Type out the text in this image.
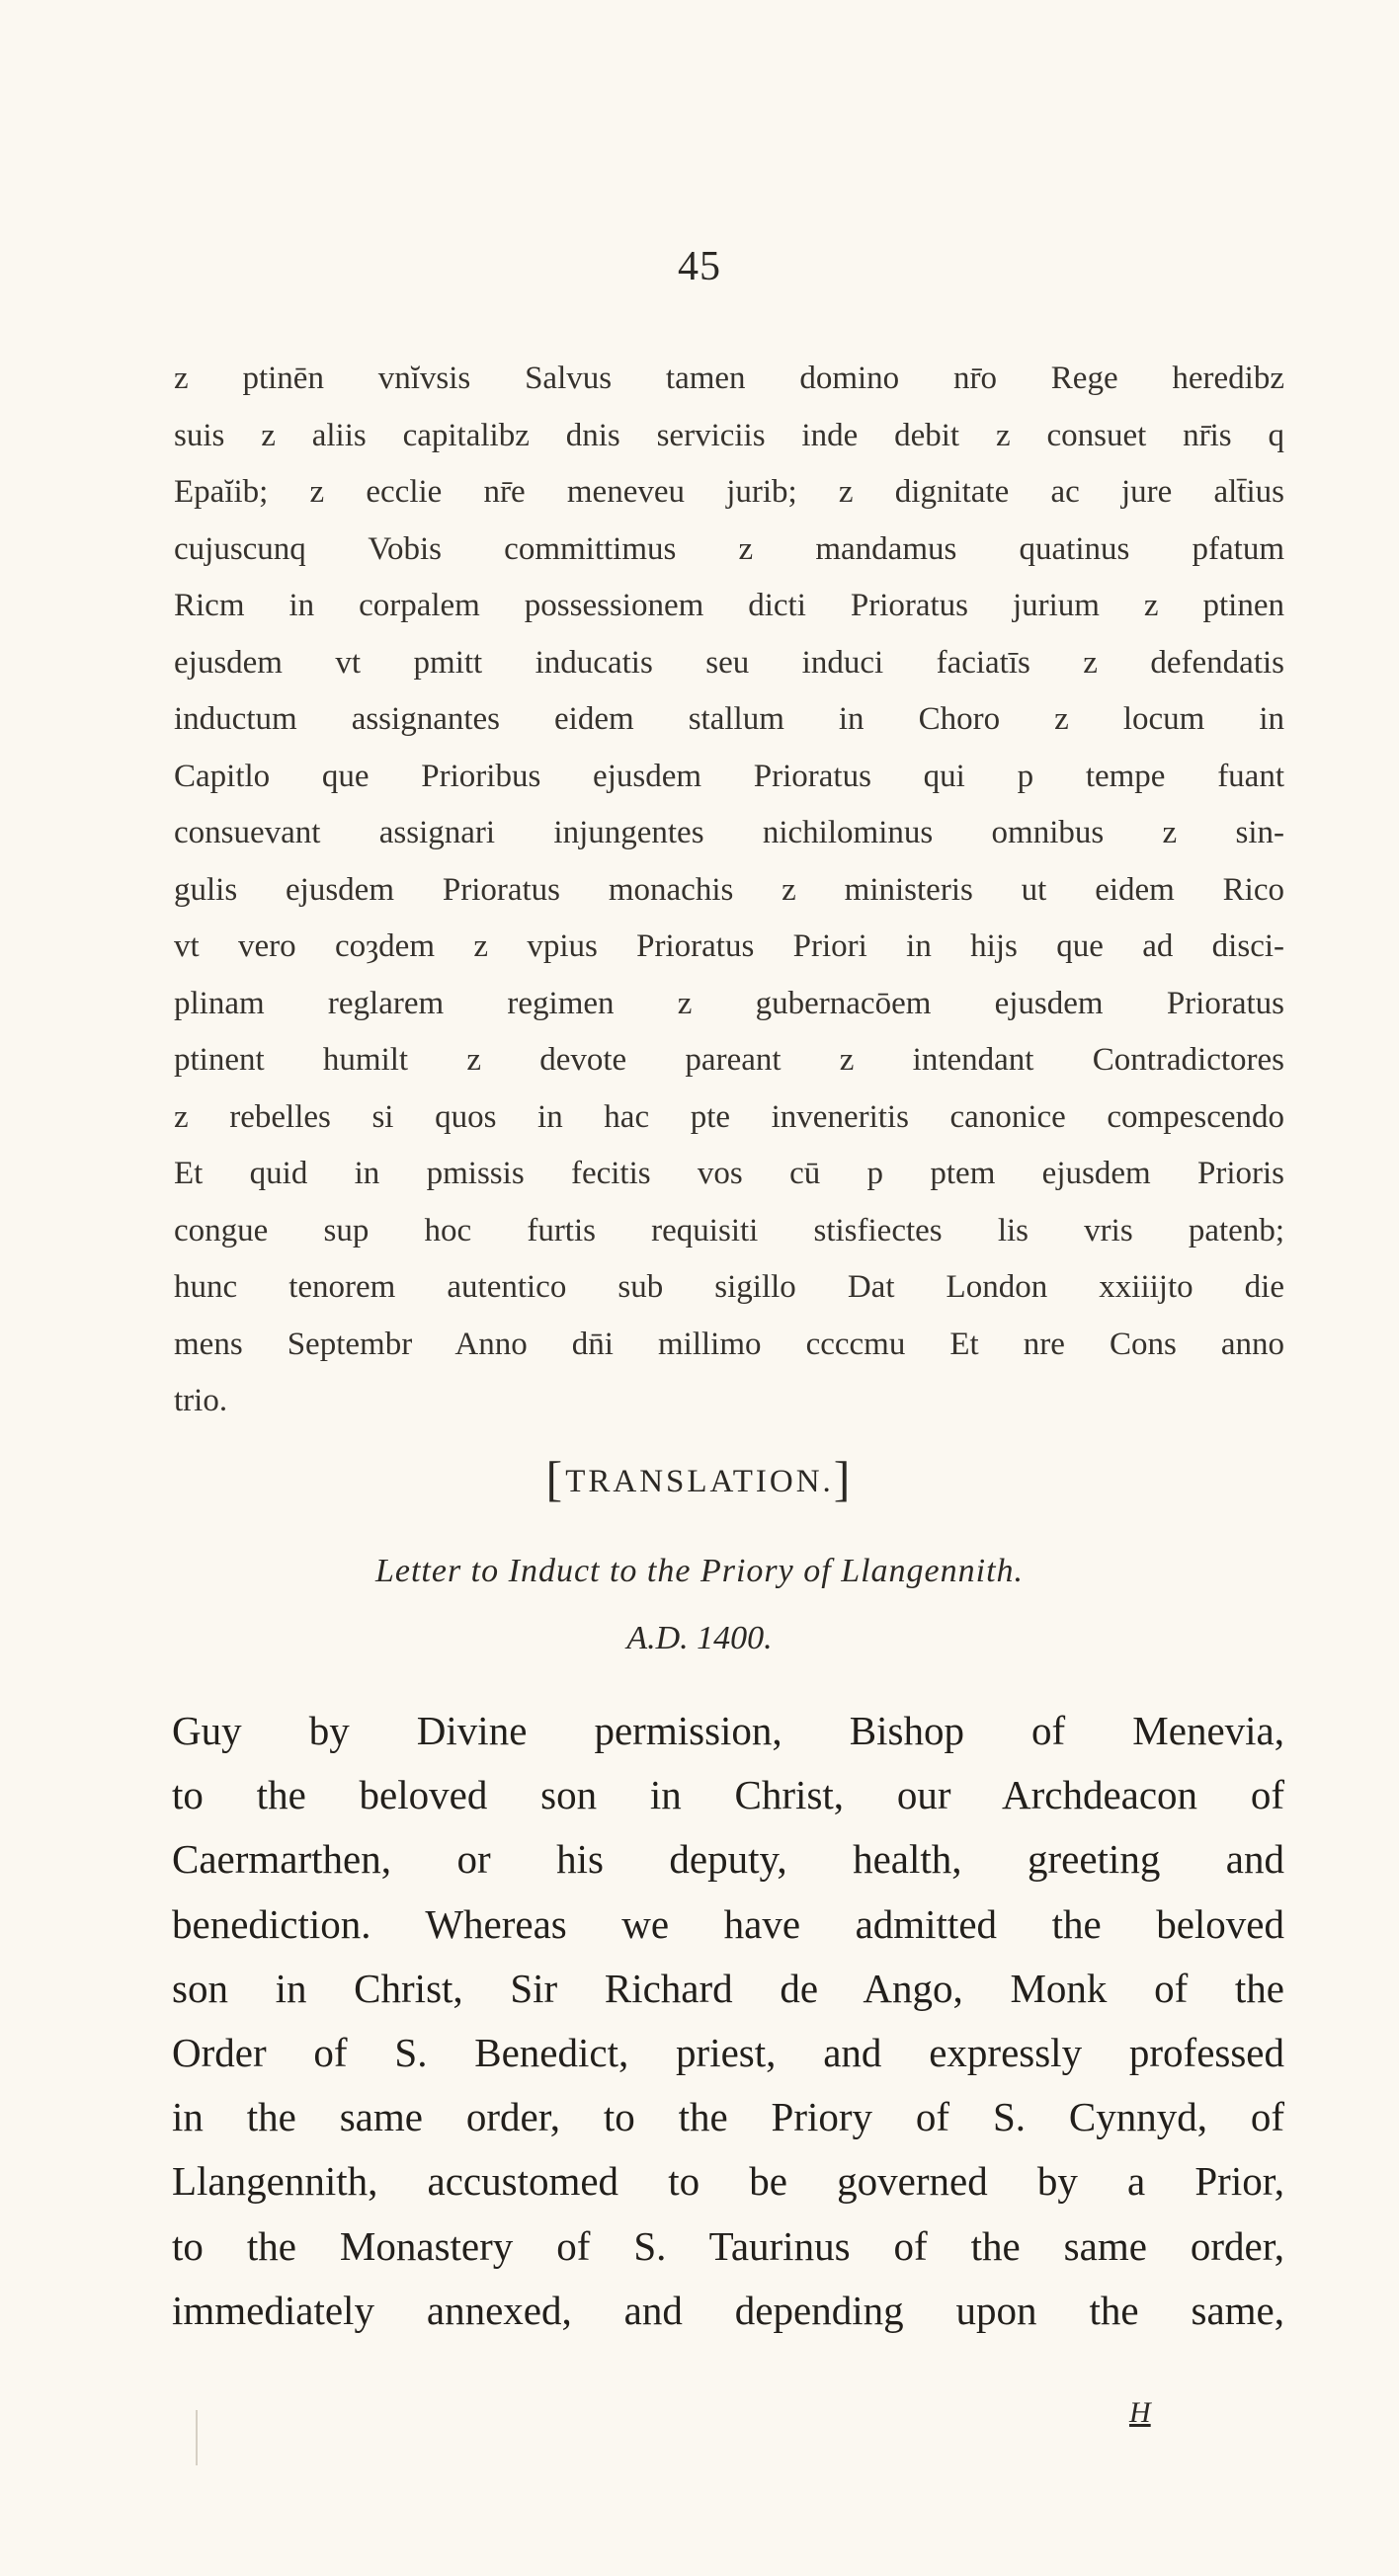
45
z ptinēn vnĭvsis Salvus tamen domino nr̄o Rege heredibz
suis z aliis capitalibz dnis serviciis inde debit z consuet nr̄is q
Epaĭib; z ecclie nr̄e meneveu jurib; z dignitate ac jure alt̄ius
cujuscunq Vobis committimus z mandamus quatinus pfatum
Ricm in corpalem possessionem dicti Prioratus jurium z ptinen
ejusdem vt pmitt inducatis seu induci faciatīs z defendatis
inductum assignantes eidem stallum in Choro z locum in
Capitlo que Prioribus ejusdem Prioratus qui p tempe fuant
consuevant assignari injungentes nichilominus omnibus z sin-
gulis ejusdem Prioratus monachis z ministeris ut eidem Rico
vt vero coȝdem z vpius Prioratus Priori in hijs que ad disci-
plinam reglarem regimen z gubernacōem ejusdem Prioratus
ptinent humilt z devote pareant z intendant Contradictores
z rebelles si quos in hac pte inveneritis canonice compescendo
Et quid in pmissis fecitis vos cū p ptem ejusdem Prioris
congue sup hoc furtis requisiti stisfiectes lis vris patenb;
hunc tenorem autentico sub sigillo Dat London xxiiijto die
mens Septembr Anno dn̄i millimo ccccmu Et nre Cons anno
trio.
[TRANSLATION.]
Letter to Induct to the Priory of Llangennith.
A.D. 1400.
Guy by Divine permission, Bishop of Menevia,
to the beloved son in Christ, our Archdeacon of
Caermarthen, or his deputy, health, greeting and
benediction. Whereas we have admitted the beloved
son in Christ, Sir Richard de Ango, Monk of the
Order of S. Benedict, priest, and expressly professed
in the same order, to the Priory of S. Cynnyd, of
Llangennith, accustomed to be governed by a Prior,
to the Monastery of S. Taurinus of the same order,
immediately annexed, and depending upon the same,
H
